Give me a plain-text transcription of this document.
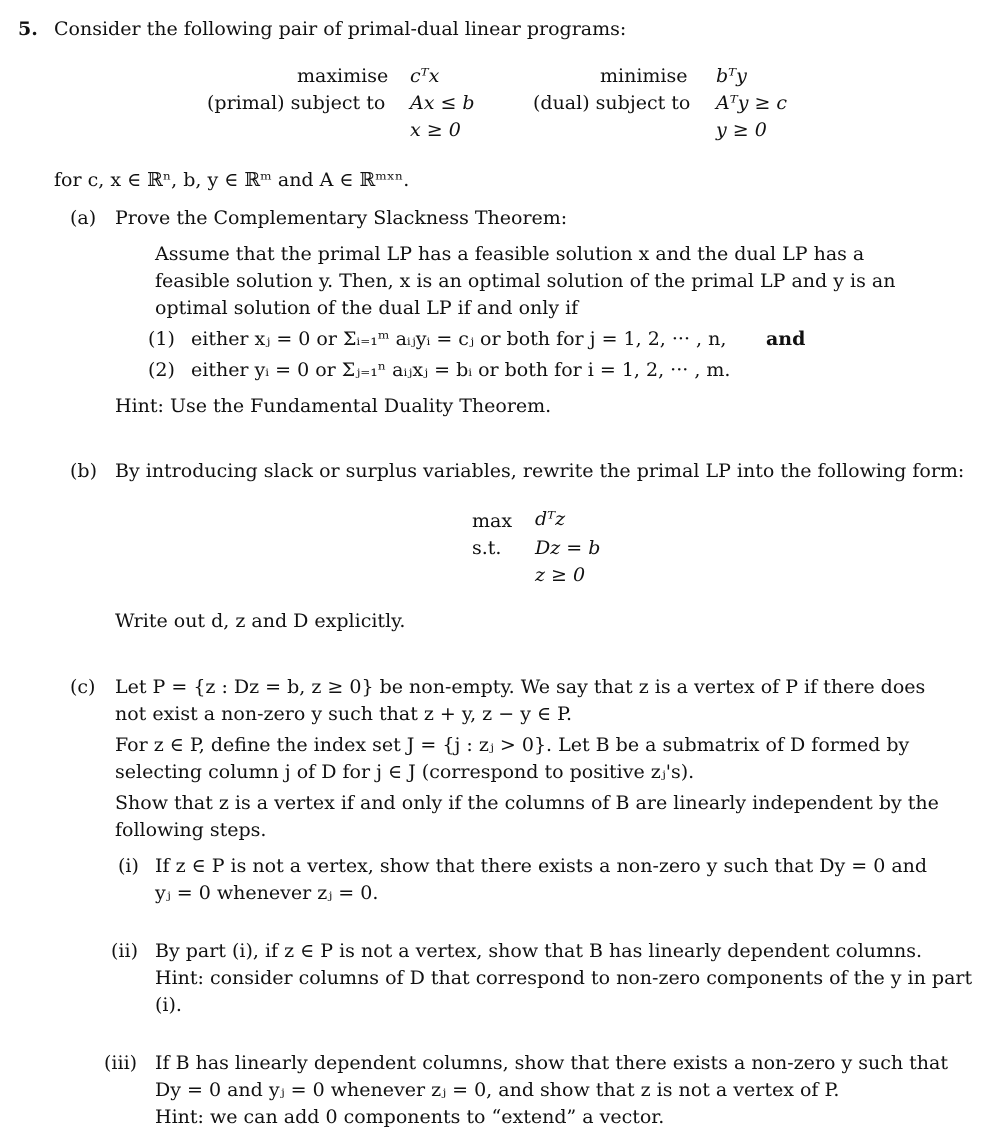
5. Consider the following pair of primal-dual linear programs:
maximise cᵀx
(primal) subject to Ax ≤ b
x ≥ 0
minimise bᵀy
(dual) subject to Aᵀy ≥ c
y ≥ 0
for c, x ∈ ℝⁿ, b, y ∈ ℝᵐ and A ∈ ℝᵐˣⁿ.
(a) Prove the Complementary Slackness Theorem:
Assume that the primal LP has a feasible solution x and the dual LP has a
feasible solution y. Then, x is an optimal solution of the primal LP and y is an
optimal solution of the dual LP if and only if
(1) either xⱼ = 0 or Σᵢ₌₁ᵐ aᵢⱼyᵢ = cⱼ or both for j = 1, 2, ··· , n, and
(2) either yᵢ = 0 or Σⱼ₌₁ⁿ aᵢⱼxⱼ = bᵢ or both for i = 1, 2, ··· , m.
Hint: Use the Fundamental Duality Theorem.
(b) By introducing slack or surplus variables, rewrite the primal LP into the following form:
max dᵀz
s.t. Dz = b
z ≥ 0
Write out d, z and D explicitly.
(c) Let P = {z : Dz = b, z ≥ 0} be non-empty. We say that z is a vertex of P if there does
not exist a non-zero y such that z + y, z − y ∈ P.
For z ∈ P, define the index set J = {j : zⱼ > 0}. Let B be a submatrix of D formed by
selecting column j of D for j ∈ J (correspond to positive zⱼ's).
Show that z is a vertex if and only if the columns of B are linearly independent by the
following steps.
(i) If z ∈ P is not a vertex, show that there exists a non-zero y such that Dy = 0 and
yⱼ = 0 whenever zⱼ = 0.
(ii) By part (i), if z ∈ P is not a vertex, show that B has linearly dependent columns.
Hint: consider columns of D that correspond to non-zero components of the y in part
(i).
(iii) If B has linearly dependent columns, show that there exists a non-zero y such that
Dy = 0 and yⱼ = 0 whenever zⱼ = 0, and show that z is not a vertex of P.
Hint: we can add 0 components to “extend” a vector.
